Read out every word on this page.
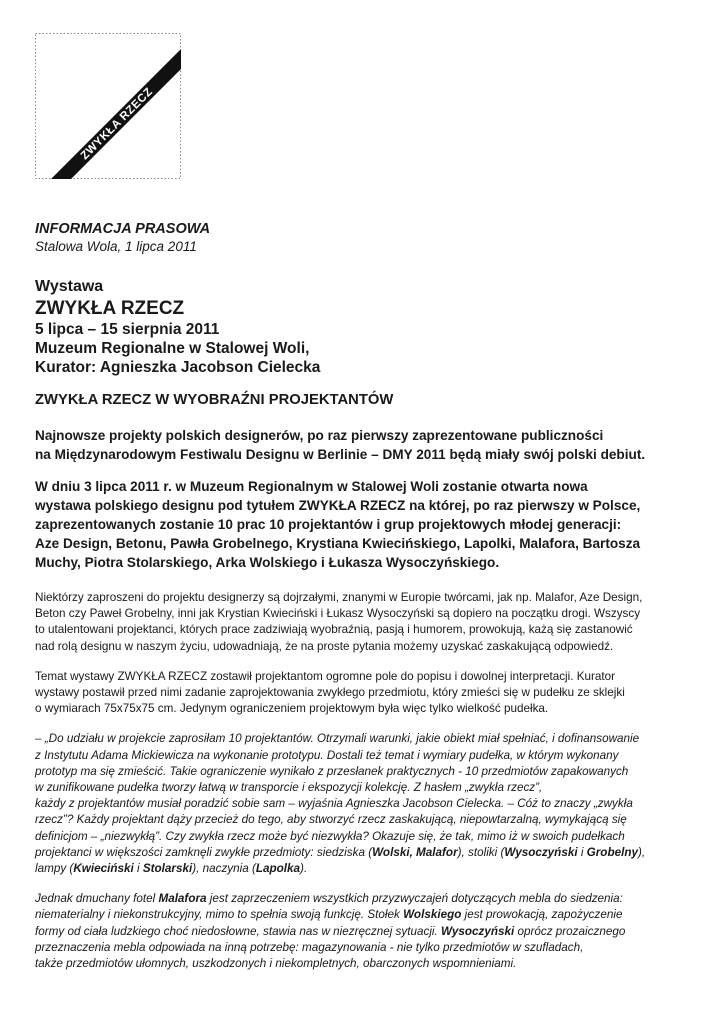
ZWYKŁA RZECZ
INFORMACJA PRASOWA
Stalowa Wola, 1 lipca 2011
Wystawa
ZWYKŁA RZECZ
5 lipca – 15 sierpnia 2011
Muzeum Regionalne w Stalowej Woli,
Kurator: Agnieszka Jacobson Cielecka
ZWYKŁA RZECZ W WYOBRAŹNI PROJEKTANTÓW
Najnowsze projekty polskich designerów, po raz pierwszy zaprezentowane publiczności
na Międzynarodowym Festiwalu Designu w Berlinie – DMY 2011 będą miały swój polski debiut.
W dniu 3 lipca 2011 r. w Muzeum Regionalnym w Stalowej Woli zostanie otwarta nowa
wystawa polskiego designu pod tytułem ZWYKŁA RZECZ na której, po raz pierwszy w Polsce,
zaprezentowanych zostanie 10 prac 10 projektantów i grup projektowych młodej generacji:
Aze Design, Betonu, Pawła Grobelnego, Krystiana Kwiecińskiego, Lapolki, Malafora, Bartosza
Muchy, Piotra Stolarskiego, Arka Wolskiego i Łukasza Wysoczyńskiego.
Niektórzy zaproszeni do projektu designerzy są dojrzałymi, znanymi w Europie twórcami, jak np. Malafor, Aze Design,
Beton czy Paweł Grobelny, inni jak Krystian Kwieciński i Łukasz Wysoczyński są dopiero na początku drogi. Wszyscy
to utalentowani projektanci, których prace zadziwiają wyobraźnią, pasją i humorem, prowokują, każą się zastanowić
nad rolą designu w naszym życiu, udowadniają, że na proste pytania możemy uzyskać zaskakującą odpowiedź.
Temat wystawy ZWYKŁA RZECZ zostawił projektantom ogromne pole do popisu i dowolnej interpretacji. Kurator
wystawy postawił przed nimi zadanie zaprojektowania zwykłego przedmiotu, który zmieści się w pudełku ze sklejki
o wymiarach 75x75x75 cm. Jedynym ograniczeniem projektowym była więc tylko wielkość pudełka.
– „Do udziału w projekcie zaprosiłam 10 projektantów. Otrzymali warunki, jakie obiekt miał spełniać, i dofinansowanie
z Instytutu Adama Mickiewicza na wykonanie prototypu. Dostali też temat i wymiary pudełka, w którym wykonany
prototyp ma się zmieścić. Takie ograniczenie wynikało z przesłanek praktycznych - 10 przedmiotów zapakowanych
w zunifikowane pudełka tworzy łatwą w transporcie i ekspozycji kolekcję. Z hasłem „zwykła rzecz”,
każdy z projektantów musiał poradzić sobie sam – wyjaśnia Agnieszka Jacobson Cielecka. – Cóż to znaczy „zwykła
rzecz”? Każdy projektant dąży przecież do tego, aby stworzyć rzecz zaskakującą, niepowtarzalną, wymykającą się
definicjom – „niezwykłą”. Czy zwykła rzecz może być niezwykła? Okazuje się, że tak, mimo iż w swoich pudełkach
projektanci w większości zamknęli zwykłe przedmioty: siedziska (Wolski, Malafor), stoliki (Wysoczyński i Grobelny),
lampy (Kwieciński i Stolarski), naczynia (Lapolka).
Jednak dmuchany fotel Malafora jest zaprzeczeniem wszystkich przyzwyczajeń dotyczących mebla do siedzenia:
niematerialny i niekonstrukcyjny, mimo to spełnia swoją funkcję. Stołek Wolskiego jest prowokacją, zapożyczenie
formy od ciała ludzkiego choć niedosłowne, stawia nas w niezręcznej sytuacji. Wysoczyński oprócz prozaicznego
przeznaczenia mebla odpowiada na inną potrzebę: magazynowania - nie tylko przedmiotów w szufladach,
także przedmiotów ułomnych, uszkodzonych i niekompletnych, obarczonych wspomnieniami.
